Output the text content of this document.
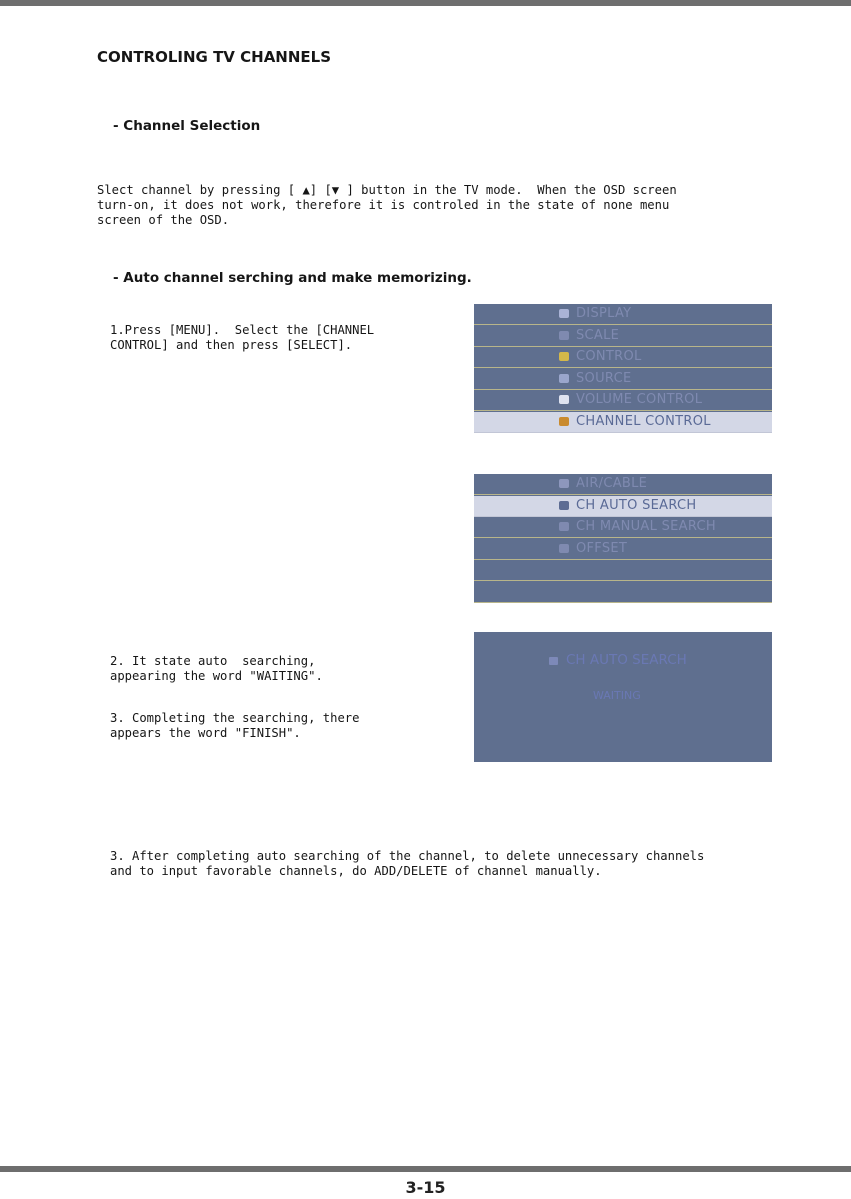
CONTROLING TV CHANNELS
- Channel Selection
Slect channel by pressing [ ▲] [▼ ] button in the TV mode.  When the OSD screen
turn-on, it does not work, therefore it is controled in the state of none menu
screen of the OSD.
- Auto channel serching and make memorizing.
1.Press [MENU].  Select the [CHANNEL
CONTROL] and then press [SELECT].
DISPLAY
SCALE
CONTROL
SOURCE
VOLUME CONTROL
CHANNEL CONTROL
AIR/CABLE
CH AUTO SEARCH
CH MANUAL SEARCH
OFFSET
2. It state auto  searching,
appearing the word "WAITING".
3. Completing the searching, there
appears the word "FINISH".
CH AUTO SEARCH
WAITING
3. After completing auto searching of the channel, to delete unnecessary channels
and to input favorable channels, do ADD/DELETE of channel manually.
3-15
